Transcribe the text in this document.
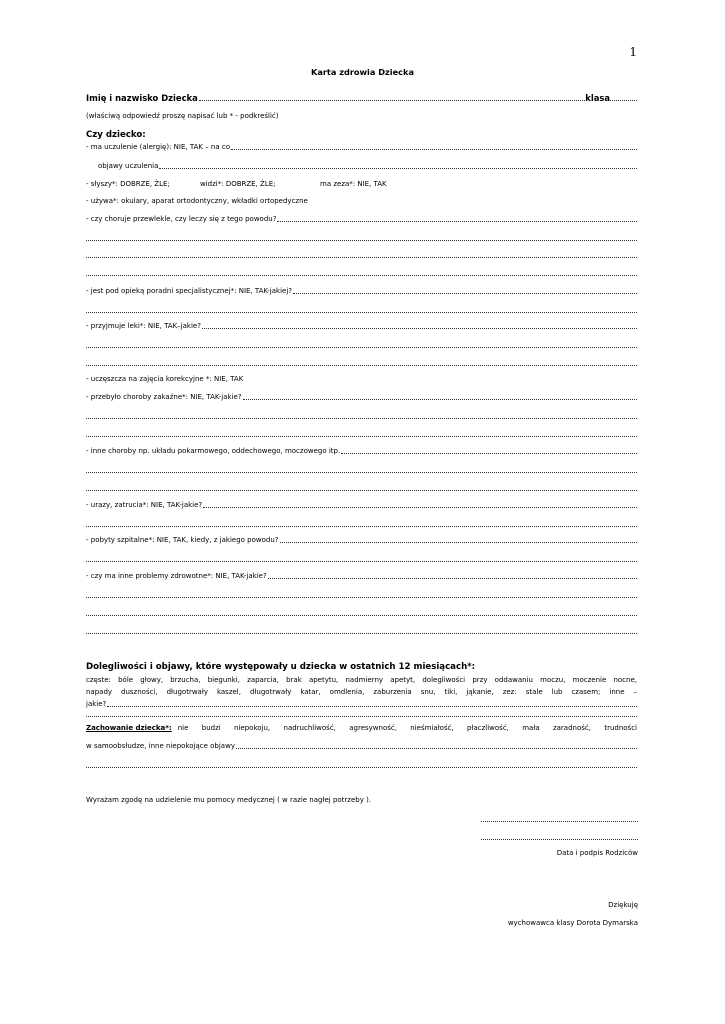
1
Karta zdrowia Dziecka
Imię i nazwisko Dziecka	klasa
(właściwą odpowiedź proszę napisać lub * - podkreślić)
Czy dziecko:
- ma uczulenie (alergię): NIE, TAK – na co
objawy uczulenia
- słyszy*: DOBRZE, ŹLE;	widzi*: DOBRZE, ŹLE;	ma zeza*: NIE, TAK
- używa*: okulary, aparat ortodontyczny, wkładki ortopedyczne
- czy choruje przewlekle, czy leczy się z tego powodu?
- jest pod opieką poradni specjalistycznej*: NIE, TAK-jakiej?
- przyjmuje leki*: NIE, TAK–jakie?
- uczęszcza na zajęcia korekcyjne *: NIE, TAK
- przebyło choroby zakaźne*: NIE, TAK-jakie?
- inne choroby np. układu pokarmowego, oddechowego, moczowego itp.
- urazy, zatrucia*: NIE, TAK-jakie?
- pobyty szpitalne*: NIE, TAK, kiedy, z jakiego powodu?
- czy ma inne problemy zdrowotne*: NIE, TAK-jakie?
Dolegliwości i objawy, które występowały u dziecka w ostatnich 12 miesiącach*:
częste: bóle głowy, brzucha, biegunki, zaparcia, brak apetytu, nadmierny apetyt, dolegliwości przy oddawaniu moczu, moczenie nocne,
napady duszności, długotrwały kaszel, długotrwały katar, omdlenia, zaburzenia snu, tiki, jąkanie, zez: stale lub czasem; inne –
jakie?
Zachowanie dziecka*: nie budzi niepokoju, nadruchliwość, agresywność, nieśmiałość, płaczliwość, mała zaradność, trudności
w samoobsłudze, inne niepokojące objawy
Wyrażam zgodę na udzielenie mu pomocy medycznej ( w razie nagłej potrzeby ).
Data i podpis Rodziców
Dziękuję
wychowawca klasy Dorota Dymarska
